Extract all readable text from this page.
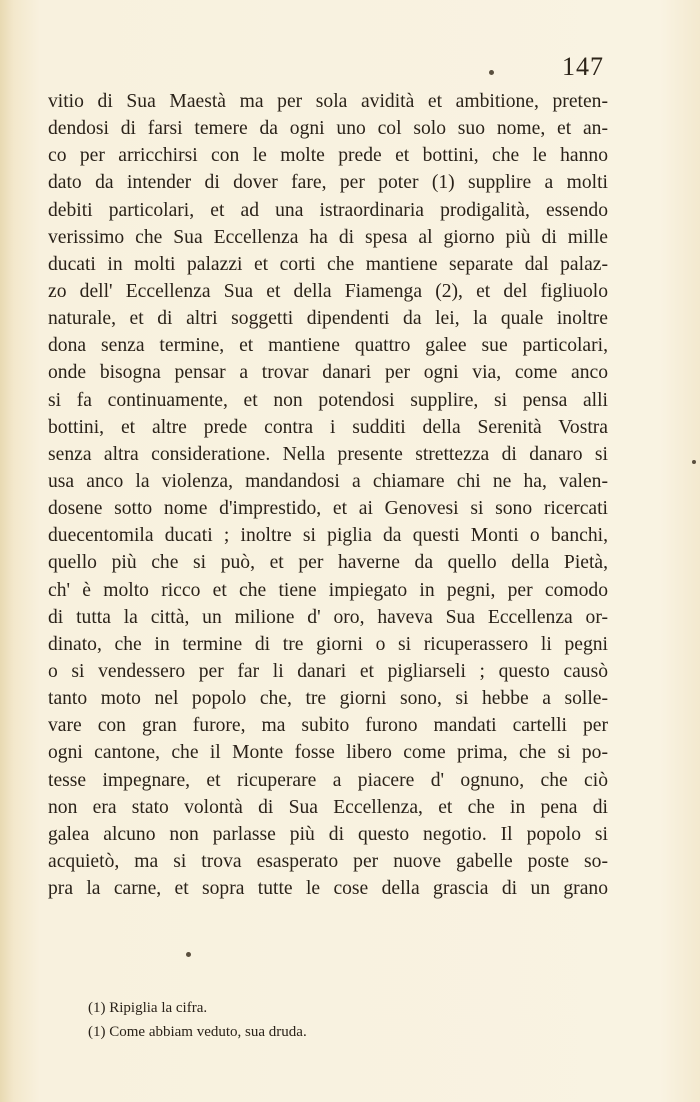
147
vitio di Sua Maestà ma per sola avidità et ambitione, preten-
dendosi di farsi temere da ogni uno col solo suo nome, et an-
co per arricchirsi con le molte prede et bottini, che le hanno
dato da intender di dover fare, per poter (1) supplire a molti
debiti particolari, et ad una istraordinaria prodigalità, essendo
verissimo che Sua Eccellenza ha di spesa al giorno più di mille
ducati in molti palazzi et corti che mantiene separate dal palaz-
zo dell' Eccellenza Sua et della Fiamenga (2), et del figliuolo
naturale, et di altri soggetti dipendenti da lei, la quale inoltre
dona senza termine, et mantiene quattro galee sue particolari,
onde bisogna pensar a trovar danari per ogni via, come anco
si fa continuamente, et non potendosi supplire, si pensa alli
bottini, et altre prede contra i sudditi della Serenità Vostra
senza altra consideratione. Nella presente strettezza di danaro si
usa anco la violenza, mandandosi a chiamare chi ne ha, valen-
dosene sotto nome d'imprestido, et ai Genovesi si sono ricercati
duecentomila ducati ; inoltre si piglia da questi Monti o banchi,
quello più che si può, et per haverne da quello della Pietà,
ch' è molto ricco et che tiene impiegato in pegni, per comodo
di tutta la città, un milione d' oro, haveva Sua Eccellenza or-
dinato, che in termine di tre giorni o si ricuperassero li pegni
o si vendessero per far li danari et pigliarseli ; questo causò
tanto moto nel popolo che, tre giorni sono, si hebbe a solle-
vare con gran furore, ma subito furono mandati cartelli per
ogni cantone, che il Monte fosse libero come prima, che si po-
tesse impegnare, et ricuperare a piacere d' ognuno, che ciò
non era stato volontà di Sua Eccellenza, et che in pena di
galea alcuno non parlasse più di questo negotio. Il popolo si
acquietò, ma si trova esasperato per nuove gabelle poste so-
pra la carne, et sopra tutte le cose della grascia di un grano
(1) Ripiglia la cifra.
(1) Come abbiam veduto, sua druda.
